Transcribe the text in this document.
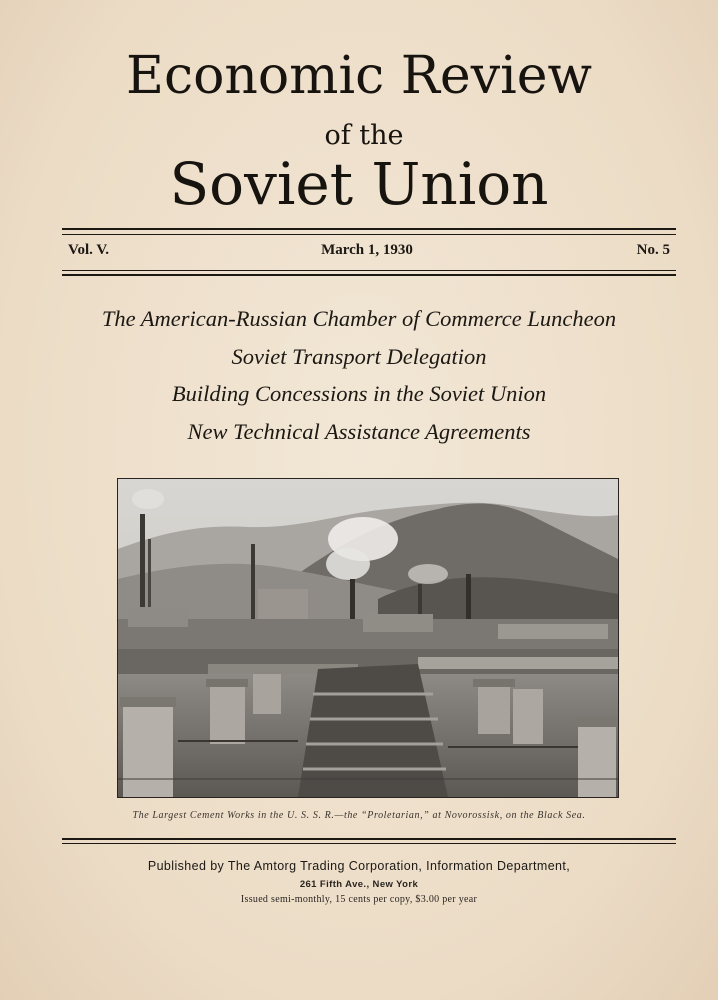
Economic Review
of the
Soviet Union
Vol. V.	March 1, 1930	No. 5
The American-Russian Chamber of Commerce Luncheon
Soviet Transport Delegation
Building Concessions in the Soviet Union
New Technical Assistance Agreements
The Largest Cement Works in the U. S. S. R.—the “Proletarian,” at Novorossisk, on the Black Sea.
Published by The Amtorg Trading Corporation, Information Department,
261 Fifth Ave., New York
Issued semi-monthly, 15 cents per copy, $3.00 per year
